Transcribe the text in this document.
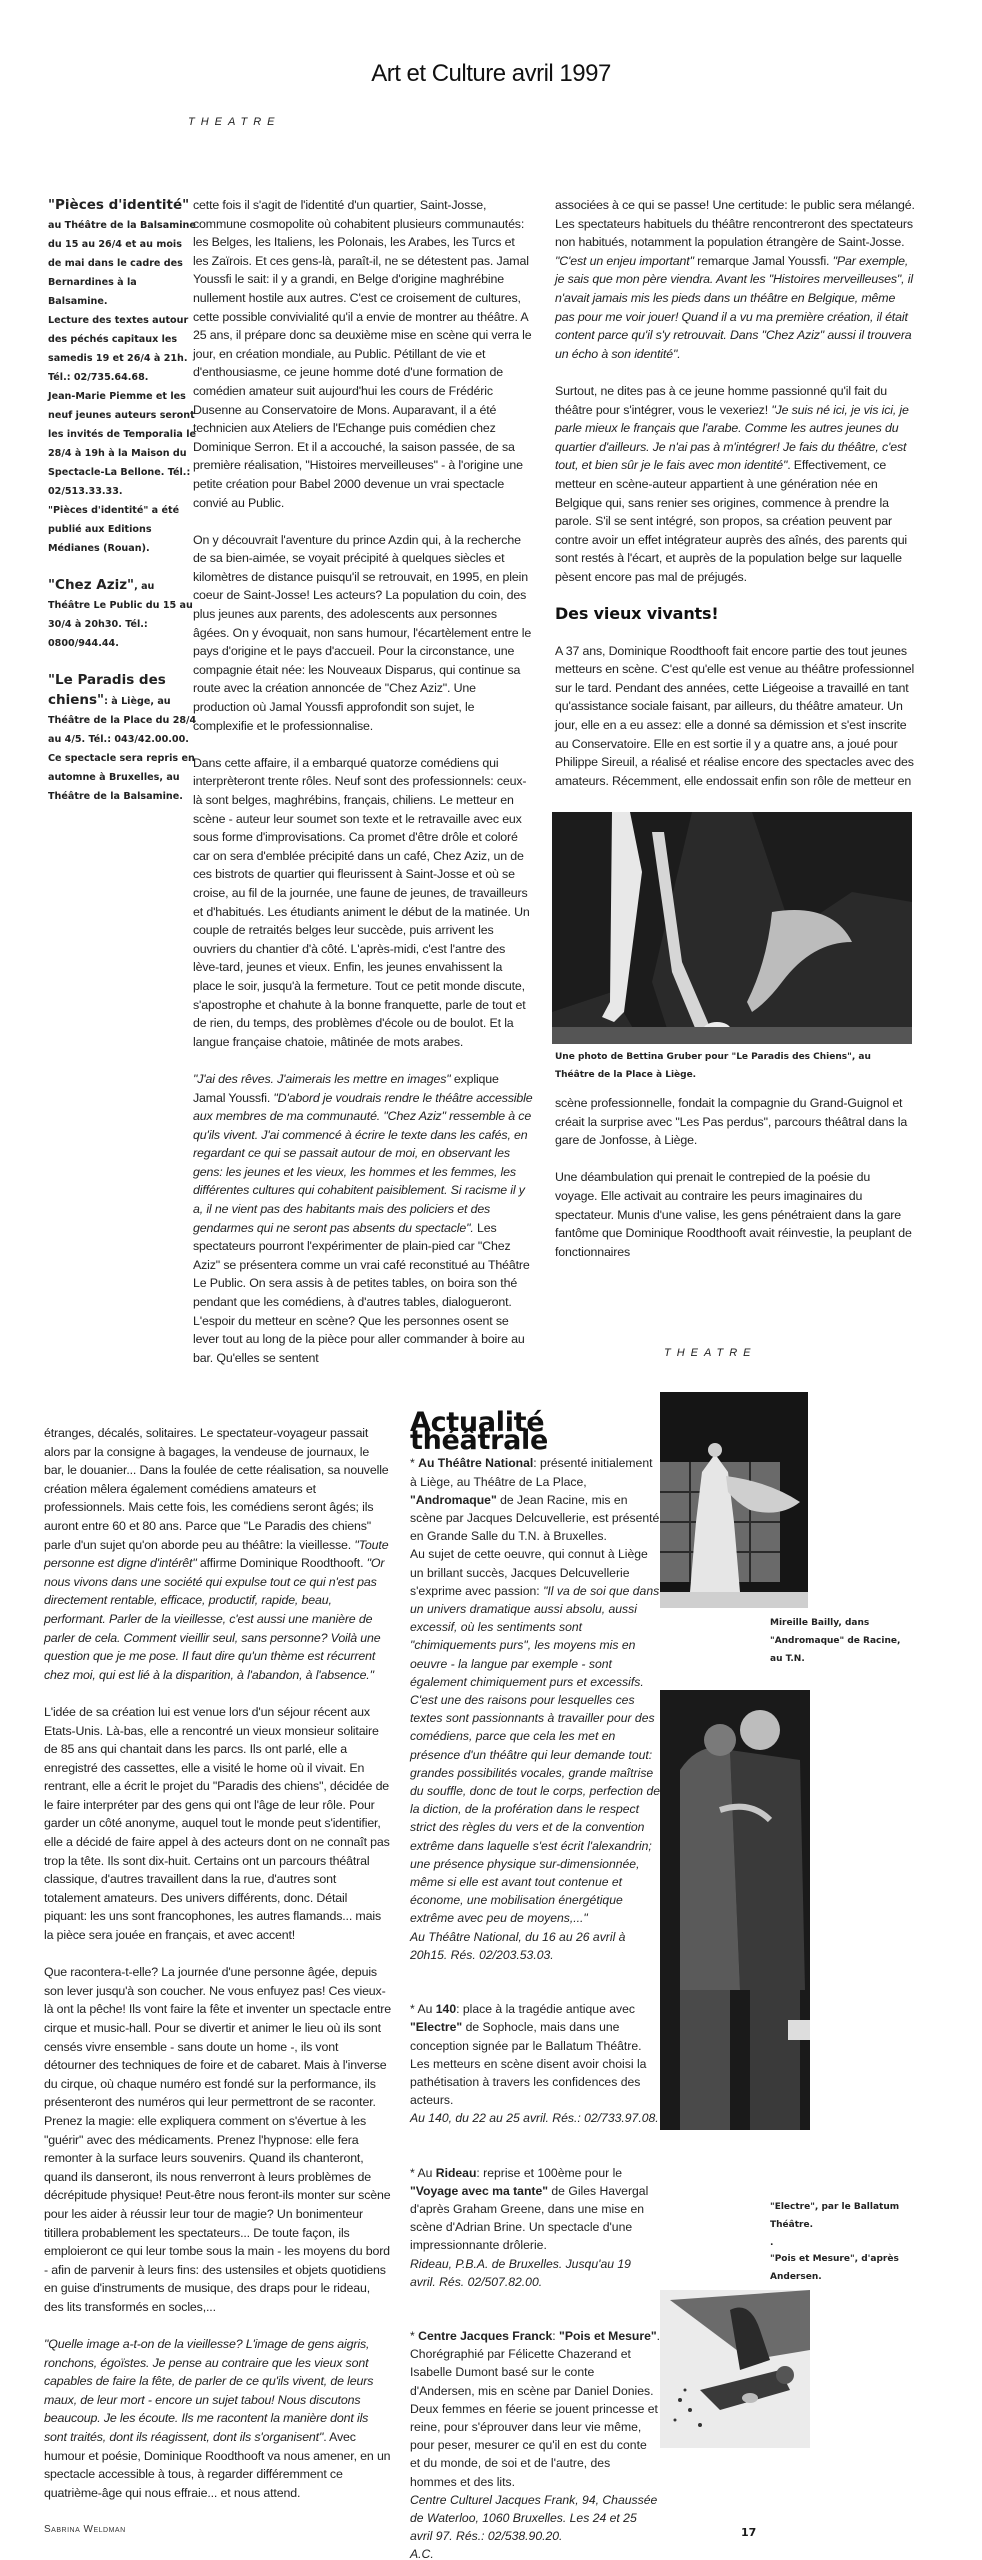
Art et Culture avril 1997
THEATRE

"Pièces d'identité" au Théâtre de la Balsamine du 15 au 26/4 et au mois de mai dans le cadre des Bernardines à la Balsamine.
Lecture des textes autour des péchés capitaux les samedis 19 et 26/4 à 21h. Tél.: 02/735.64.68.
Jean-Marie Piemme et les neuf jeunes auteurs seront les invités de Temporalia le 28/4 à 19h à la Maison du Spectacle-La Bellone. Tél.: 02/513.33.33.
"Pièces d'identité" a été publié aux Editions Médianes (Rouan).

"Chez Aziz", au Théâtre Le Public du 15 au 30/4 à 20h30. Tél.: 0800/944.44.

"Le Paradis des chiens": à Liège, au Théâtre de la Place du 28/4 au 4/5. Tél.: 043/42.00.00. Ce spectacle sera repris en automne à Bruxelles, au Théâtre de la Balsamine.

cette fois il s'agit de l'identité d'un quartier, Saint-Josse, commune cosmopolite où cohabitent plusieurs communautés: les Belges, les Italiens, les Polonais, les Arabes, les Turcs et les Zaïrois. Et ces gens-là, paraît-il, ne se détestent pas. Jamal Youssfi le sait: il y a grandi, en Belge d'origine maghrébine nullement hostile aux autres. C'est ce croisement de cultures, cette possible convivialité qu'il a envie de montrer au théâtre. A 25 ans, il prépare donc sa deuxième mise en scène qui verra le jour, en création mondiale, au Public. Pétillant de vie et d'enthousiasme, ce jeune homme doté d'une formation de comédien amateur suit aujourd'hui les cours de Frédéric Dusenne au Conservatoire de Mons. Auparavant, il a été technicien aux Ateliers de l'Echange puis comédien chez Dominique Serron. Et il a accouché, la saison passée, de sa première réalisation, "Histoires merveilleuses" - à l'origine une petite création pour Babel 2000 devenue un vrai spectacle convié au Public.

On y découvrait l'aventure du prince Azdin qui, à la recherche de sa bien-aimée, se voyait précipité à quelques siècles et kilomètres de distance puisqu'il se retrouvait, en 1995, en plein coeur de Saint-Josse! Les acteurs? La population du coin, des plus jeunes aux parents, des adolescents aux personnes âgées. On y évoquait, non sans humour, l'écartèlement entre le pays d'origine et le pays d'accueil. Pour la circonstance, une compagnie était née: les Nouveaux Disparus, qui continue sa route avec la création annoncée de "Chez Aziz". Une production où Jamal Youssfi approfondit son sujet, le complexifie et le professionnalise.

Dans cette affaire, il a embarqué quatorze comédiens qui interprèteront trente rôles. Neuf sont des professionnels: ceux-là sont belges, maghrébins, français, chiliens. Le metteur en scène - auteur leur soumet son texte et le retravaille avec eux sous forme d'improvisations. Ca promet d'être drôle et coloré car on sera d'emblée précipité dans un café, Chez Aziz, un de ces bistrots de quartier qui fleurissent à Saint-Josse et où se croise, au fil de la journée, une faune de jeunes, de travailleurs et d'habitués. Les étudiants animent le début de la matinée. Un couple de retraités belges leur succède, puis arrivent les ouvriers du chantier d'à côté. L'après-midi, c'est l'antre des lève-tard, jeunes et vieux. Enfin, les jeunes envahissent la place le soir, jusqu'à la fermeture. Tout ce petit monde discute, s'apostrophe et chahute à la bonne franquette, parle de tout et de rien, du temps, des problèmes d'école ou de boulot. Et la langue française chatoie, mâtinée de mots arabes.

"J'ai des rêves. J'aimerais les mettre en images" explique Jamal Youssfi. "D'abord je voudrais rendre le théâtre accessible aux membres de ma communauté. "Chez Aziz" ressemble à ce qu'ils vivent. J'ai commencé à écrire le texte dans les cafés, en regardant ce qui se passait autour de moi, en observant les gens: les jeunes et les vieux, les hommes et les femmes, les différentes cultures qui cohabitent paisiblement. Si racisme il y a, il ne vient pas des habitants mais des policiers et des gendarmes qui ne seront pas absents du spectacle". Les spectateurs pourront l'expérimenter de plain-pied car "Chez Aziz" se présentera comme un vrai café reconstitué au Théâtre Le Public. On sera assis à de petites tables, on boira son thé pendant que les comédiens, à d'autres tables, dialogueront. L'espoir du metteur en scène? Que les personnes osent se lever tout au long de la pièce pour aller commander à boire au bar. Qu'elles se sentent

associées à ce qui se passe! Une certitude: le public sera mélangé. Les spectateurs habituels du théâtre rencontreront des spectateurs non habitués, notamment la population étrangère de Saint-Josse. "C'est un enjeu important" remarque Jamal Youssfi. "Par exemple, je sais que mon père viendra. Avant les "Histoires merveilleuses", il n'avait jamais mis les pieds dans un théâtre en Belgique, même pas pour me voir jouer! Quand il a vu ma première création, il était content parce qu'il s'y retrouvait. Dans "Chez Aziz" aussi il trouvera un écho à son identité".

Surtout, ne dites pas à ce jeune homme passionné qu'il fait du théâtre pour s'intégrer, vous le vexeriez! "Je suis né ici, je vis ici, je parle mieux le français que l'arabe. Comme les autres jeunes du quartier d'ailleurs. Je n'ai pas à m'intégrer! Je fais du théâtre, c'est tout, et bien sûr je le fais avec mon identité". Effectivement, ce metteur en scène-auteur appartient à une génération née en Belgique qui, sans renier ses origines, commence à prendre la parole. S'il se sent intégré, son propos, sa création peuvent par contre avoir un effet intégrateur auprès des aînés, des parents qui sont restés à l'écart, et auprès de la population belge sur laquelle pèsent encore pas mal de préjugés.

Des vieux vivants!

A 37 ans, Dominique Roodthooft fait encore partie des tout jeunes metteurs en scène. C'est qu'elle est venue au théâtre professionnel sur le tard. Pendant des années, cette Liégeoise a travaillé en tant qu'assistance sociale faisant, par ailleurs, du théâtre amateur. Un jour, elle en a eu assez: elle a donné sa démission et s'est inscrite au Conservatoire. Elle en est sortie il y a quatre ans, a joué pour Philippe Sireuil, a réalisé et réalise encore des spectacles avec des amateurs. Récemment, elle endossait enfin son rôle de metteur en

Une photo de Bettina Gruber pour "Le Paradis des Chiens", au Théâtre de la Place à Liège.

scène professionnelle, fondait la compagnie du Grand-Guignol et créait la surprise avec "Les Pas perdus", parcours théâtral dans la gare de Jonfosse, à Liège.

Une déambulation qui prenait le contrepied de la poésie du voyage. Elle activait au contraire les peurs imaginaires du spectateur. Munis d'une valise, les gens pénétraient dans la gare fantôme que Dominique Roodthooft avait réinvestie, la peuplant de fonctionnaires

THEATRE

étranges, décalés, solitaires. Le spectateur-voyageur passait alors par la consigne à bagages, la vendeuse de journaux, le bar, le douanier... Dans la foulée de cette réalisation, sa nouvelle création mêlera également comédiens amateurs et professionnels. Mais cette fois, les comédiens seront âgés; ils auront entre 60 et 80 ans. Parce que "Le Paradis des chiens" parle d'un sujet qu'on aborde peu au théâtre: la vieillesse. "Toute personne est digne d'intérêt" affirme Dominique Roodthooft. "Or nous vivons dans une société qui expulse tout ce qui n'est pas directement rentable, efficace, productif, rapide, beau, performant. Parler de la vieillesse, c'est aussi une manière de parler de cela. Comment vieillir seul, sans personne? Voilà une question que je me pose. Il faut dire qu'un thème est récurrent chez moi, qui est lié à la disparition, à l'abandon, à l'absence."

L'idée de sa création lui est venue lors d'un séjour récent aux Etats-Unis. Là-bas, elle a rencontré un vieux monsieur solitaire de 85 ans qui chantait dans les parcs. Ils ont parlé, elle a enregistré des cassettes, elle a visité le home où il vivait. En rentrant, elle a écrit le projet du "Paradis des chiens", décidée de le faire interpréter par des gens qui ont l'âge de leur rôle. Pour garder un côté anonyme, auquel tout le monde peut s'identifier, elle a décidé de faire appel à des acteurs dont on ne connaît pas trop la tête. Ils sont dix-huit. Certains ont un parcours théâtral classique, d'autres travaillent dans la rue, d'autres sont totalement amateurs. Des univers différents, donc. Détail piquant: les uns sont francophones, les autres flamands... mais la pièce sera jouée en français, et avec accent!

Que racontera-t-elle? La journée d'une personne âgée, depuis son lever jusqu'à son coucher. Ne vous enfuyez pas! Ces vieux-là ont la pêche! Ils vont faire la fête et inventer un spectacle entre cirque et music-hall. Pour se divertir et animer le lieu où ils sont censés vivre ensemble - sans doute un home -, ils vont détourner des techniques de foire et de cabaret. Mais à l'inverse du cirque, où chaque numéro est fondé sur la performance, ils présenteront des numéros qui leur permettront de se raconter. Prenez la magie: elle expliquera comment on s'évertue à les "guérir" avec des médicaments. Prenez l'hypnose: elle fera remonter à la surface leurs souvenirs. Quand ils chanteront, quand ils danseront, ils nous renverront à leurs problèmes de décrépitude physique! Peut-être nous feront-ils monter sur scène pour les aider à réussir leur tour de magie? Un bonimenteur titillera probablement les spectateurs... De toute façon, ils emploieront ce qui leur tombe sous la main - les moyens du bord - afin de parvenir à leurs fins: des ustensiles et objets quotidiens en guise d'instruments de musique, des draps pour le rideau, des lits transformés en socles,...

"Quelle image a-t-on de la vieillesse? L'image de gens aigris, ronchons, égoïstes. Je pense au contraire que les vieux sont capables de faire la fête, de parler de ce qu'ils vivent, de leurs maux, de leur mort - encore un sujet tabou! Nous discutons beaucoup. Je les écoute. Ils me racontent la manière dont ils sont traités, dont ils réagissent, dont ils s'organisent". Avec humour et poésie, Dominique Roodthooft va nous amener, en un spectacle accessible à tous, à regarder différemment ce quatrième-âge qui nous effraie... et nous attend.

Sabrina Weldman
Actualité théâtrale
* Au Théâtre National: présenté initialement à Liège, au Théâtre de La Place, "Andromaque" de Jean Racine, mis en scène par Jacques Delcuvellerie, est présenté en Grande Salle du T.N. à Bruxelles.
Au sujet de cette oeuvre, qui connut à Liège un brillant succès, Jacques Delcuvellerie s'exprime avec passion: "Il va de soi que dans un univers dramatique aussi absolu, aussi excessif, où les sentiments sont "chimiquements purs", les moyens mis en oeuvre - la langue par exemple - sont également chimiquement purs et excessifs. C'est une des raisons pour lesquelles ces textes sont passionnants à travailler pour des comédiens, parce que cela les met en présence d'un théâtre qui leur demande tout: grandes possibilités vocales, grande maîtrise du souffle, donc de tout le corps, perfection de la diction, de la profération dans le respect strict des règles du vers et de la convention extrême dans laquelle s'est écrit l'alexandrin; une présence physique sur-dimensionnée, même si elle est avant tout contenue et économe, une mobilisation énergétique extrême avec peu de moyens,..."
Au Théâtre National, du 16 au 26 avril à 20h15. Rés. 02/203.53.03.
* Au 140: place à la tragédie antique avec "Electre" de Sophocle, mais dans une conception signée par le Ballatum Théâtre. Les metteurs en scène disent avoir choisi la pathétisation à travers les confidences des acteurs.
Au 140, du 22 au 25 avril. Rés.: 02/733.97.08.
* Au Rideau: reprise et 100ème pour le "Voyage avec ma tante" de Giles Havergal d'après Graham Greene, dans une mise en scène d'Adrian Brine. Un spectacle d'une impressionnante drôlerie.
Rideau, P.B.A. de Bruxelles. Jusqu'au 19 avril. Rés. 02/507.82.00.
* Centre Jacques Franck: "Pois et Mesure". Chorégraphié par Félicette Chazerand et Isabelle Dumont basé sur le conte d'Andersen, mis en scène par Daniel Donies.
Deux femmes en féerie se jouent princesse et reine, pour s'éprouver dans leur vie même, pour peser, mesurer ce qu'il en est du conte et du monde, de soi et de l'autre, des hommes et des lits.
Centre Culturel Jacques Frank, 94, Chaussée de Waterloo, 1060 Bruxelles. Les 24 et 25 avril 97. Rés.: 02/538.90.20.
A.C.
Mireille Bailly, dans "Andromaque" de Racine, au T.N.
"Electre", par le Ballatum Théâtre.
.
"Pois et Mesure", d'après Andersen.
17
